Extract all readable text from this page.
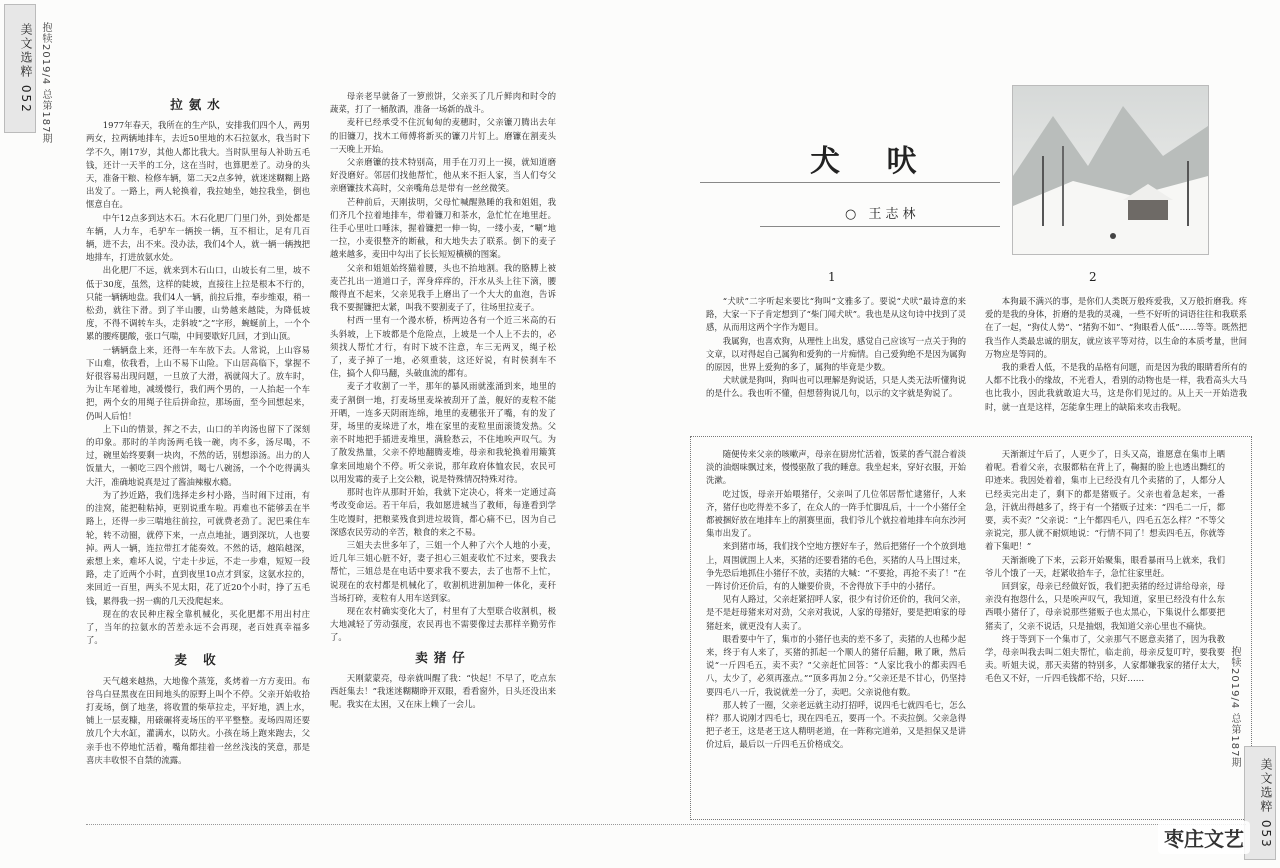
美文选粹 052 抱犊2019/4 总第187期	拉氨水

1977年春天，我所在的生产队，安排我们四个人，两男两女，拉两辆地排车，去近50里地的木石拉氨水，我当时下学不久，刚17岁，其他人都比我大。当时队里每人补助五毛钱，还计一天半的工分，这在当时，也算肥差了。动身的头天，准备干粮、检修车辆，第二天2点多钟，就迷迷糊糊上路出发了。一路上，两人轮换着，我拉她坐，她拉我坐，倒也惬意自在。

中午12点多到达木石。木石化肥厂门里门外，到处都是车辆，人力车，毛驴车一辆挨一辆，互不相让，足有几百辆，进不去，出不来。没办法，我们4个人，就一辆一辆拽把地排车，打进放氨水处。

出化肥厂不远，就来到木石山口，山坡长有二里，坡不低于30度，虽然，这样的陡坡，直接往上拉是根本不行的，只能一辆辆地盘。我们4人一辆，前拉后推，奉步维艰，稍一松劲，就往下滑。到了半山腰，山势越来越陡，为降低坡度，不得不调转车头，走斜坡“之”字形，蜿蜒前上，一个个累的腰疼腿酸，张口气喘，中间要歇好几回，才到山顶。

一辆辆盘上来，还得一车车放下去。人常说，上山容易下山难，依我看，上山不易下山险。下山居高临下，掌握不好很容易出现问题，一旦放了大滑，祸就闯大了。放车时，为让车尾着地，减缓慢行，我们两个男的，一人抬起一个车把，两个女的用绳子往后拼命拉，那场面，至今回想起来，仍叫人后怕！

上下山的情景，挥之不去，山口的羊肉汤也留下了深刻的印象。那时的羊肉汤两毛钱一碗，肉不多，汤尽喝，不过，碗里始终要剩一块肉，不然的话，别想添汤。出力的人饭量大，一顿吃三四个煎饼，喝七八碗汤，一个个吃得满头大汗，准确地说真是过了酱油辣椒水瘾。

为了抄近路，我们选择走乡村小路，当时闹下过雨，有的洼窝，能把鞋粘掉，更别说重车啦。再难也不能够丢在半路上，还得一步三喘地往前拉，可就费老劲了。泥巴乘住车轮，转不动圈，就停下来，一点点地扯，遇到深坑，人也要掉。两人一辆，连拉带扛才能奏效。不然的话，越陷越深，索想上来，难坏人说，宁走十步远，不走一步难，短短一段路，走了近两个小时，直到夜里10点才到家，这氨水拉的，来回近一百里，两头不见太阳，花了近20个小时，挣了五毛钱，累得我一拐一瘸的几天没爬起来。

现在的农民种庄稼全靠机械化，买化肥都不用出村庄了，当年的拉氨水的苦差永远不会再现，老百姓真幸福多了。

麦 收

天气越来越热，大地像个蒸笼，炙烤着一方方麦田。布谷鸟白昼黑夜在田间地头的原野上叫个不停。父亲开始收拾打麦场，倒了地垄，将收置的柴草拉走，平好地，洒上水，铺上一层麦糠，用磙碾将麦场压的平平整整。麦场四周还要放几个大水缸，灌满水，以防火。小孩在场上跑来跑去，父亲手也不停地忙活着，嘴角都挂着一丝丝浅浅的笑意，那是喜庆丰收恨不自禁的流露。

母亲老早就备了一箩煎饼，父亲买了几斤鲜肉和时令的蔬菜，打了一桶散酒，准备一场新的战斗。

麦秆已经承受不住沉甸甸的麦穗时，父亲镰刀腾出去年的旧镰刀，找木工师傅将新买的镰刀片钉上。磨镰在割麦头一天晚上开始。

父亲磨镰的技术特别高，用手在刀刃上一摸，就知道磨好没磨好。邻居们找他帮忙，他从来不拒人家，当人们夸父亲磨镰技术高时，父亲嘴角总是带有一丝丝微笑。

芒种前后，天刚拔明，父母忙喊醒熟睡的我和姐姐，我们齐几个拉着地排车，带着镰刀和茶水，急忙忙在地里赶。往手心里吐口唾沫，握着镰把一伸一钩，一缕小麦，“唰”地一拉，小麦很整齐的断截，和大地失去了联系。倒下的麦子越来越多，麦田中勾出了长长短短横横的图案。

父亲和姐姐始终猫着腰，头也不抬地割。我的胳膊上被麦芒扎出一道道口子，浑身痒痒的，汗水从头上往下滴，腰酸得直不起来，父亲见我手上磨出了一个大大的血泡，告诉我不要握镰把太紧，叫我不要割麦子了，往场里拉麦子。

村西一里有一个漫水桥，桥两边各有一个近三米高的石头斜坡，上下坡都是个危险点，上坡是一个人上不去的，必须找人帮忙才行，有时下坡不注意，车三无两叉，绳子松了，麦子掉了一地，必须重装，这还好说，有时侯刹车不住，搞个人仰马翻，头破血流的都有。

麦子才收割了一半，那年的暴风雨就涨涌到来，地里的麦子割倒一地，打麦场里麦垛被刮开了盖，舰好的麦粒不能开晒，一连多天阴雨连绵，地里的麦穗张开了嘴，有的发了芽，场里的麦垛进了水，堆在家里的麦粒里面滚烫发热。父亲不时地把手插进麦堆里，满脸愁云，不住地唉声叹气。为了散发热量，父亲不停地翻腾麦堆，母亲和我轮换着用簸箕拿来回地扇个不停。听父亲说，那年政府体恤农民，农民可以用发霉的麦子上交公粮，说是特殊情况特殊对待。

那时也许从那时开始，我就下定决心，将来一定通过高考改变命运。若干年后，我如愿进城当了教师，每逢看到学生吃馒时，把粮菜残食到进垃圾筒，都心痛不已，因为自己深感农民劳动的辛苦，粮食的来之不易。

三姐夫去世多年了，三姐一个人种了六个人地的小麦，近几年三姐心脏不好，妻子担心三姐麦收忙不过来，要我去帮忙，三姐总是在电话中要求我不要去，去了也帮不上忙，说现在的农村都是机械化了，收割机进割加种一体化，麦秆当场打碎，麦粒有人用车送到家。

现在农村确实变化大了，村里有了大型联合收割机，极大地减轻了劳动强度，农民再也不需要像过去那样辛勤劳作了。

卖猪仔

天刚蒙蒙亮，母亲就叫醒了我：“快起！不早了，吃点东西赶集去！”我迷迷糊糊睁开双眼，看看窗外，日头还没出来呢。我实在太困，又在床上赖了一会儿。

犬 吠
○ 王志林
1	2

“犬吠”二字听起来要比“狗叫”文雅多了。要说“犬吠”最诗意的来路，大家一下子肯定想到了“柴门闻犬吠”。我也是从这句诗中找到了灵感，从而用这两个字作为题目。

我属狗，也喜欢狗，从理性上出发，感觉自己应该写一点关于狗的文章，以对得起自己属狗和爱狗的一片痴情。自己爱狗绝不是因为属狗的原因，世界上爱狗的多了，属狗的毕竟是少数。

犬吠就是狗叫，狗叫也可以理解是狗说话，只是人类无法听懂狗说的是什么。我也听不懂，但想替狗说几句，以示的文字就是狗说了。

本狗最不满兴的事，是你们人类既万般疼爱我，又万般折磨我。疼爱的是我的身体，折磨的是我的灵魂，一些不好听的词语往往和我联系在了一起，“狗仗人势”、“猪狗不如”、“狗眼看人低”……等等。既然把我当作人类最忠诚的朋友，就应该平等对待，以生命的本质考量，世间万物应是等同的。

我的秉看人低，不是我的品格有问题，而是因为我的眼睛看所有的人都不比我小的缘故，不光看人，看别的动物也是一样，我看高头大马也比我小，因此我就敢追大马，这是你们见过的。从上天一开始造我时，就一直是这样，怎能拿生理上的缺陷来攻击我呢。

随便传来父亲的咳嗽声，母亲在厨房忙活着，饭菜的香气混合着淡淡的油烟味飘过来，慢慢驱散了我的睡意。我坐起来，穿好衣服，开始洗漱。

吃过饭，母亲开始喂猪仔，父亲叫了几位邻居帮忙逮猪仔，人来齐，猪仔也吃得差不多了，在众人的一阵手忙脚乱后，十一个小猪仔全都被捆好放在地排车上的割赛里面，我们爷儿个就拉着地排车向东沙河集市出发了。

来到猪市场，我们找个空地方摆好车子，然后把猪仔一个个放到地上，周围就围上人来，买猪的还要看猪的毛色，买猪的人马上围过来，争先恐后地抓住小猪仔不放，卖猪的大喊：“不要抢，再抢不卖了！”在一阵讨价还价后，有的人嫌要价贵，不舍得放下手中的小猪仔。

见有人路过，父亲赶紧招呼人家，很少有讨价还价的，我问父亲，是不是赶母猪来对对劲，父亲对我说，人家的母猪好，要是把咱家的母猪赶来，就更没有人卖了。

眼看要中午了，集市的小猪仔也卖的差不多了，卖猪的人也稀少起来，终于有人来了，买猪的抓起一个顺人的猪仔后翻，瞅了瞅，然后说“一斤四毛五，卖不卖？”父亲赶忙回答：“人家比我小的都卖四毛八，太少了，必须再涨点。”“顶多再加２分。”父亲还是不甘心，仍坚持要四毛八一斤，我说就差一分了，卖吧。父亲说他有数。

那人转了一圈，父亲老远就主动打招呼，说四毛七就四毛七，怎么样？那人说刚才四毛七，现在四毛五，要再一个。不卖拉倒。父亲急得把子老王，这是老王这人精明老道，在一阵称完道弟，又是担保又是讲价过后，最后以一斤四毛五价格成交。

天渐渐过午后了，人更少了，日头又高，谁愿意在集市上晒着呢。看着父亲，衣服都粘在背上了，鞠掘的脸上也透出黝红的印迹来。我因处着着，集市上已经没有几个卖猪的了，人都分人已经卖完出走了，剩下的都是猪贩子。父亲也着急起来，一番急，汗就出得越多了，终于有一个猪贩子过来：“四毛二一斤，都要，卖不卖？”父亲说：“上午都四毛八，四毛五怎么样？”不等父亲说完，那人就不耐烦地说：“行情不同了！想卖四毛五，你就等着下集吧！”

天渐渐晚了下来，云彩开始聚集，眼看暴雨马上就来，我们爷儿个饿了一天，赶紧收拾车子，急忙往家里赶。

回到家，母亲已经做好饭，我们把卖猪的经过讲给母亲，母亲没有抱怨什么，只是唉声叹气，我知道，家里已经没有什么东西喂小猪仔了，母亲说那些猪贩子也太黑心，下集说什么都要把猪卖了，父亲不说话，只是抽烟，我知道父亲心里也不痛快。

终于等到下一个集市了，父亲那气不愿意卖猪了，因为我教学，母亲叫我去叫二姐夫帮忙，临走前，母亲反复叮咛，要我要卖。听姐夫说，那天卖猪的特别多，人家都嫌我家的猪仔太大，毛色又不好，一斤四毛钱都不给，只好……	抱犊2019/4 总第187期
美文选粹 053
枣庄文艺
